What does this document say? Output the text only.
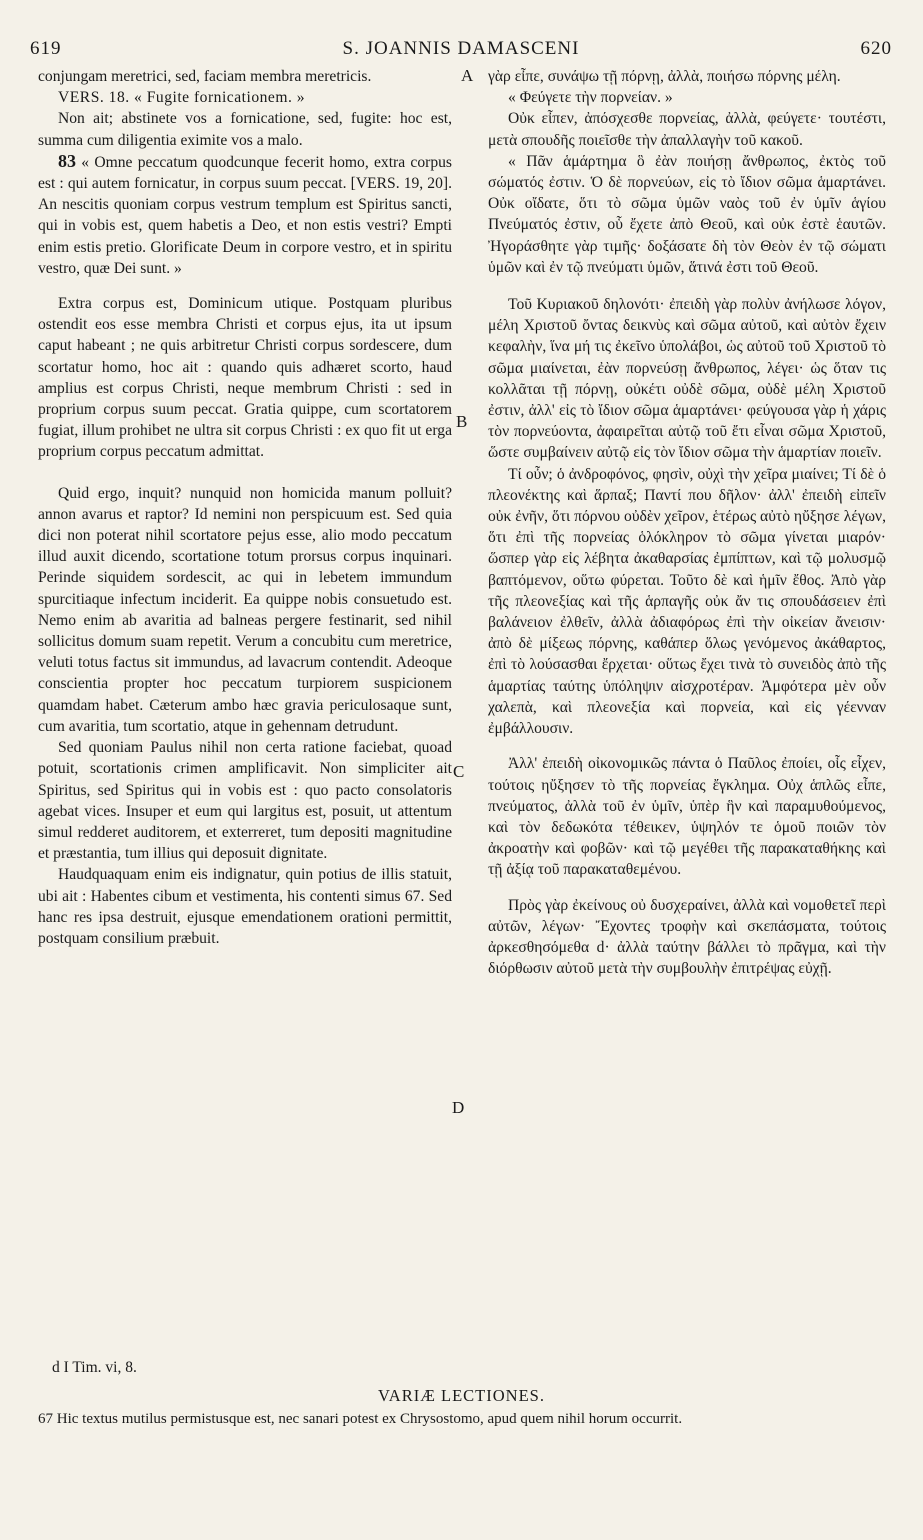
619	S. JOANNIS DAMASCENI	620

conjungam meretrici, sed, faciam membra meretricis.

VERS. 18. « Fugite fornicationem. »

Non ait; abstinete vos a fornicatione, sed, fugite: hoc est, summa cum diligentia eximite vos a malo.

83 « Omne peccatum quodcunque fecerit homo, extra corpus est : qui autem fornicatur, in corpus suum peccat. [VERS. 19, 20]. An nescitis quoniam corpus vestrum templum est Spiritus sancti, qui in vobis est, quem habetis a Deo, et non estis vestri? Empti enim estis pretio. Glorificate Deum in corpore vestro, et in spiritu vestro, quæ Dei sunt. »

Extra corpus est, Dominicum utique. Postquam pluribus ostendit eos esse membra Christi et corpus ejus, ita ut ipsum caput habeant ; ne quis arbitretur Christi corpus sordescere, dum scortatur homo, hoc ait : quando quis adhæret scorto, haud amplius est corpus Christi, neque membrum Christi : sed in proprium corpus suum peccat. Gratia quippe, cum scortatorem fugiat, illum prohibet ne ultra sit corpus Christi : ex quo fit ut erga proprium corpus peccatum admittat.

Quid ergo, inquit? nunquid non homicida manum polluit? annon avarus et raptor? Id nemini non perspicuum est. Sed quia dici non poterat nihil scortatore pejus esse, alio modo peccatum illud auxit dicendo, scortatione totum prorsus corpus inquinari. Perinde siquidem sordescit, ac qui in lebetem immundum spurcitiaque infectum inciderit. Ea quippe nobis consuetudo est. Nemo enim ab avaritia ad balneas pergere festinarit, sed nihil sollicitus domum suam repetit. Verum a concubitu cum meretrice, veluti totus factus sit immundus, ad lavacrum contendit. Adeoque conscientia propter hoc peccatum turpiorem suspicionem quamdam habet. Cæterum ambo hæc gravia periculosaque sunt, cum avaritia, tum scortatio, atque in gehennam detrudunt.

Sed quoniam Paulus nihil non certa ratione faciebat, quoad potuit, scortationis crimen amplificavit. Non simpliciter ait Spiritus, sed Spiritus qui in vobis est : quo pacto consolatoris agebat vices. Insuper et eum qui largitus est, posuit, ut attentum simul redderet auditorem, et exterreret, tum depositi magnitudine et præstantia, tum illius qui deposuit dignitate.

Haudquaquam enim eis indignatur, quin potius de illis statuit, ubi ait : Habentes cibum et vestimenta, his contenti simus 67. Sed hanc res ipsa destruit, ejusque emendationem orationi permittit, postquam consilium præbuit.

A
B
C
D

γὰρ εἶπε, συνάψω τῇ πόρνῃ, ἀλλὰ, ποιήσω πόρνης μέλη.

« Φεύγετε τὴν πορνείαν. »

Οὐκ εἶπεν, ἀπόσχεσθε πορνείας, ἀλλὰ, φεύγετε· τουτέστι, μετὰ σπουδῆς ποιεῖσθε τὴν ἀπαλλαγὴν τοῦ κακοῦ.

« Πᾶν ἁμάρτημα ὃ ἐὰν ποιήσῃ ἄνθρωπος, ἐκτὸς τοῦ σώματός ἐστιν. Ὁ δὲ πορνεύων, εἰς τὸ ἴδιον σῶμα ἁμαρτάνει. Οὐκ οἴδατε, ὅτι τὸ σῶμα ὑμῶν ναὸς τοῦ ἐν ὑμῖν ἁγίου Πνεύματός ἐστιν, οὗ ἔχετε ἀπὸ Θεοῦ, καὶ οὐκ ἐστὲ ἑαυτῶν. Ἠγοράσθητε γὰρ τιμῆς· δοξάσατε δὴ τὸν Θεὸν ἐν τῷ σώματι ὑμῶν καὶ ἐν τῷ πνεύματι ὑμῶν, ἅτινά ἐστι τοῦ Θεοῦ.

Τοῦ Κυριακοῦ δηλονότι· ἐπειδὴ γὰρ πολὺν ἀνήλωσε λόγον, μέλη Χριστοῦ ὄντας δεικνὺς καὶ σῶμα αὐτοῦ, καὶ αὐτὸν ἔχειν κεφαλὴν, ἵνα μή τις ἐκεῖνο ὑπολάβοι, ὡς αὐτοῦ τοῦ Χριστοῦ τὸ σῶμα μιαίνεται, ἐὰν πορνεύσῃ ἄνθρωπος, λέγει· ὡς ὅταν τις κολλᾶται τῇ πόρνῃ, οὐκέτι οὐδὲ σῶμα, οὐδὲ μέλη Χριστοῦ ἐστιν, ἀλλ' εἰς τὸ ἴδιον σῶμα ἁμαρτάνει· φεύγουσα γὰρ ἡ χάρις τὸν πορνεύοντα, ἀφαιρεῖται αὐτῷ τοῦ ἔτι εἶναι σῶμα Χριστοῦ, ὥστε συμβαίνειν αὐτῷ εἰς τὸν ἴδιον σῶμα τὴν ἁμαρτίαν ποιεῖν.

Τί οὖν; ὁ ἀνδροφόνος, φησὶν, οὐχὶ τὴν χεῖρα μιαίνει; Τί δὲ ὁ πλεονέκτης καὶ ἅρπαξ; Παντί που δῆλον· ἀλλ' ἐπειδὴ εἰπεῖν οὐκ ἐνῆν, ὅτι πόρνου οὐδὲν χεῖρον, ἑτέρως αὐτὸ ηὔξησε λέγων, ὅτι ἐπὶ τῆς πορνείας ὁλόκληρον τὸ σῶμα γίνεται μιαρόν· ὥσπερ γὰρ εἰς λέβητα ἀκαθαρσίας ἐμπίπτων, καὶ τῷ μολυσμῷ βαπτόμενον, οὕτω φύρεται. Τοῦτο δὲ καὶ ἡμῖν ἔθος. Ἀπὸ γὰρ τῆς πλεονεξίας καὶ τῆς ἁρπαγῆς οὐκ ἄν τις σπουδάσειεν ἐπὶ βαλάνειον ἐλθεῖν, ἀλλὰ ἀδιαφόρως ἐπὶ τὴν οἰκείαν ἄνεισιν· ἀπὸ δὲ μίξεως πόρνης, καθάπερ ὅλως γενόμενος ἀκάθαρτος, ἐπὶ τὸ λούσασθαι ἔρχεται· οὕτως ἔχει τινὰ τὸ συνειδὸς ἀπὸ τῆς ἁμαρτίας ταύτης ὑπόληψιν αἰσχροτέραν. Ἀμφότερα μὲν οὖν χαλεπὰ, καὶ πλεονεξία καὶ πορνεία, καὶ εἰς γέενναν ἐμβάλλουσιν.

Ἀλλ' ἐπειδὴ οἰκονομικῶς πάντα ὁ Παῦλος ἐποίει, οἷς εἶχεν, τούτοις ηὔξησεν τὸ τῆς πορνείας ἔγκλημα. Οὐχ ἁπλῶς εἶπε, πνεύματος, ἀλλὰ τοῦ ἐν ὑμῖν, ὑπὲρ ἣν καὶ παραμυθούμενος, καὶ τὸν δεδωκότα τέθεικεν, ὑψηλόν τε ὁμοῦ ποιῶν τὸν ἀκροατὴν καὶ φοβῶν· καὶ τῷ μεγέθει τῆς παρακαταθήκης καὶ τῇ ἀξίᾳ τοῦ παρακαταθεμένου.

Πρὸς γὰρ ἐκείνους οὐ δυσχεραίνει, ἀλλὰ καὶ νομοθετεῖ περὶ αὐτῶν, λέγων· Ἔχοντες τροφὴν καὶ σκεπάσματα, τούτοις ἀρκεσθησόμεθα d· ἀλλὰ ταύτην βάλλει τὸ πρᾶγμα, καὶ τὴν διόρθωσιν αὐτοῦ μετὰ τὴν συμβουλὴν ἐπιτρέψας εὐχῇ.

d I Tim. vi, 8.
VARIÆ LECTIONES.
67 Hic textus mutilus permistusque est, nec sanari potest ex Chrysostomo, apud quem nihil horum occurrit.
